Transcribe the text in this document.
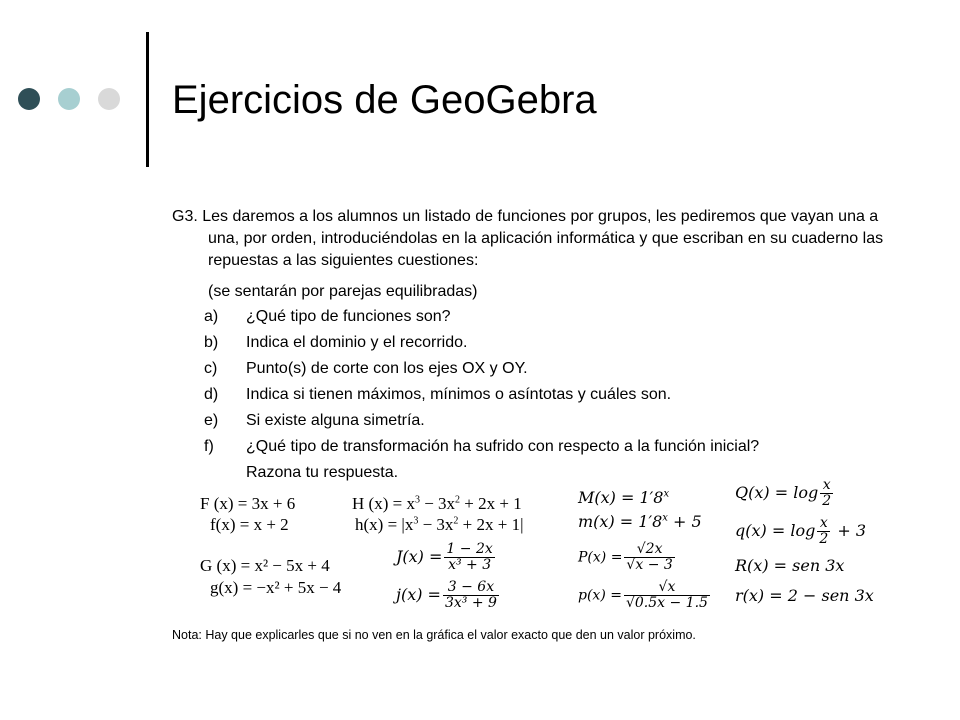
Ejercicios de GeoGebra
G3. Les daremos a los alumnos un listado de funciones por grupos, les pediremos que vayan una a una, por orden, introduciéndolas en la aplicación informática y que escriban en su cuaderno las repuestas a las siguientes cuestiones:
(se sentarán por parejas equilibradas)
a) ¿Qué tipo de funciones son?
b) Indica el dominio y el recorrido.
c) Punto(s) de corte con los ejes OX y OY.
d) Indica si tienen máximos, mínimos o asíntotas y cuáles son.
e) Si existe alguna simetría.
f) ¿Qué tipo de transformación ha sufrido con respecto a la función inicial?
Razona tu respuesta.
F (x) = 3x + 6
f(x) = x + 2
G (x) = x² − 5x + 4
g(x) = −x² + 5x − 4
H $(x) = x^3 - 3x^2 + 2x + 1$
$h(x) = |x^3 - 3x^2 + 2x + 1|$
$J(x) = \frac{1 - 2x}{\text{x³ + 3}}$
$j(x) = \frac{3 - 6x}{\text{3x³ + 9}}$
$M(x) = 1'8^x$
$m(x) = 1'8^x + 5$
$P(x) = \frac{√2x}{√x - 3}$
$p(x) = \frac{√x}{√0.5x - 1.5}$
$Q(x) = \log \frac{x}{2}$
$q(x) = \log \frac{x}{2} + 3$
R(x) = sen 3x
r(x) = 2 − sen 3x
Nota: Hay que explicarles que si no ven en la gráfica el valor exacto que den un valor próximo.
